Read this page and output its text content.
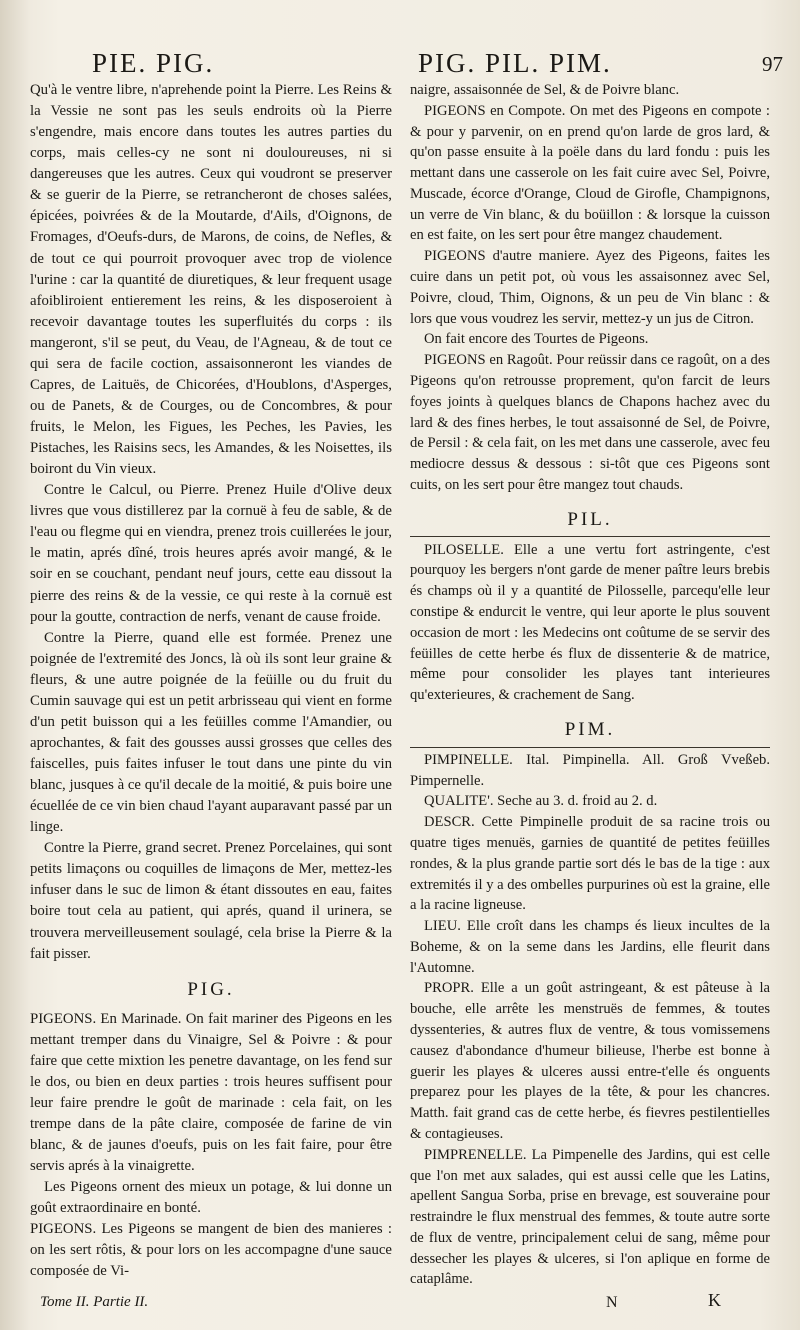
PIE. PIG.	PIG. PIL. PIM.	97

Qu'à le ventre libre, n'aprehende point la Pierre. Les Reins & la Vessie ne sont pas les seuls endroits où la Pierre s'engendre, mais encore dans toutes les autres parties du corps, mais celles-cy ne sont ni douloureuses, ni si dangereuses que les autres. Ceux qui voudront se preserver & se guerir de la Pierre, se retrancheront de choses salées, épicées, poivrées & de la Moutarde, d'Ails, d'Oignons, de Fromages, d'Oeufs-durs, de Marons, de coins, de Nefles, & de tout ce qui pourroit provoquer avec trop de violence l'urine : car la quantité de diuretiques, & leur frequent usage afoibliroient entierement les reins, & les disposeroient à recevoir davantage toutes les superfluités du corps : ils mangeront, s'il se peut, du Veau, de l'Agneau, & de tout ce qui sera de facile coction, assaisonneront les viandes de Capres, de Laituës, de Chicorées, d'Houblons, d'Asperges, ou de Panets, & de Courges, ou de Concombres, & pour fruits, le Melon, les Figues, les Peches, les Pavies, les Pistaches, les Raisins secs, les Amandes, & les Noisettes, ils boiront du Vin vieux.

Contre le Calcul, ou Pierre. Prenez Huile d'Olive deux livres que vous distillerez par la cornuë à feu de sable, & de l'eau ou flegme qui en viendra, prenez trois cuillerées le jour, le matin, aprés dîné, trois heures aprés avoir mangé, & le soir en se couchant, pendant neuf jours, cette eau dissout la pierre des reins & de la vessie, ce qui reste à la cornuë est pour la goutte, contraction de nerfs, venant de cause froide.

Contre la Pierre, quand elle est formée. Prenez une poignée de l'extremité des Joncs, là où ils sont leur graine & fleurs, & une autre poignée de la feüille ou du fruit du Cumin sauvage qui est un petit arbrisseau qui vient en forme d'un petit buisson qui a les feüilles comme l'Amandier, ou aprochantes, & fait des gousses aussi grosses que celles des faiscelles, puis faites infuser le tout dans une pinte du vin blanc, jusques à ce qu'il decale de la moitié, & puis boire une écuellée de ce vin bien chaud l'ayant auparavant passé par un linge.

Contre la Pierre, grand secret. Prenez Porcelaines, qui sont petits limaçons ou coquilles de limaçons de Mer, mettez-les infuser dans le suc de limon & étant dissoutes en eau, faites boire tout cela au patient, qui aprés, quand il urinera, se trouvera merveilleusement soulagé, cela brise la Pierre & la fait pisser.

PIG.

PIGEONS. En Marinade. On fait mariner des Pigeons en les mettant tremper dans du Vinaigre, Sel & Poivre : & pour faire que cette mixtion les penetre davantage, on les fend sur le dos, ou bien en deux parties : trois heures suffisent pour leur faire prendre le goût de marinade : cela fait, on les trempe dans de la pâte claire, composée de farine de vin blanc, & de jaunes d'oeufs, puis on les fait faire, pour être servis aprés à la vinaigrette.

Les Pigeons ornent des mieux un potage, & lui donne un goût extraordinaire en bonté.

PIGEONS. Les Pigeons se mangent de bien des manieres : on les sert rôtis, & pour lors on les accompagne d'une sauce composée de Vi-

naigre, assaisonnée de Sel, & de Poivre blanc.

PIGEONS en Compote. On met des Pigeons en compote : & pour y parvenir, on en prend qu'on larde de gros lard, & qu'on passe ensuite à la poële dans du lard fondu : puis les mettant dans une casserole on les fait cuire avec Sel, Poivre, Muscade, écorce d'Orange, Cloud de Girofle, Champignons, un verre de Vin blanc, & du boüillon : & lorsque la cuisson en est faite, on les sert pour être mangez chaudement.

PIGEONS d'autre maniere. Ayez des Pigeons, faites les cuire dans un petit pot, où vous les assaisonnez avec Sel, Poivre, cloud, Thim, Oignons, & un peu de Vin blanc : & lors que vous voudrez les servir, mettez-y un jus de Citron.

On fait encore des Tourtes de Pigeons.

PIGEONS en Ragoût. Pour reüssir dans ce ragoût, on a des Pigeons qu'on retrousse proprement, qu'on farcit de leurs foyes joints à quelques blancs de Chapons hachez avec du lard & des fines herbes, le tout assaisonné de Sel, de Poivre, de Persil : & cela fait, on les met dans une casserole, avec feu mediocre dessus & dessous : si-tôt que ces Pigeons sont cuits, on les sert pour être mangez tout chauds.

PIL.

PILOSELLE. Elle a une vertu fort astringente, c'est pourquoy les bergers n'ont garde de mener paître leurs brebis és champs où il y a quantité de Pilosselle, parcequ'elle leur constipe & endurcit le ventre, qui leur aporte le plus souvent occasion de mort : les Medecins ont coûtume de se servir des feüilles de cette herbe és flux de dissenterie & de matrice, même pour consolider les playes tant interieures qu'exterieures, & crachement de Sang.

PIM.

PIMPINELLE. Ital. Pimpinella. All. Groß Vveßeb. Pimpernelle.

QUALITE'. Seche au 3. d. froid au 2. d.

DESCR. Cette Pimpinelle produit de sa racine trois ou quatre tiges menuës, garnies de quantité de petites feüilles rondes, & la plus grande partie sort dés le bas de la tige : aux extremités il y a des ombelles purpurines où est la graine, elle a la racine ligneuse.

LIEU. Elle croît dans les champs és lieux incultes de la Boheme, & on la seme dans les Jardins, elle fleurit dans l'Automne.

PROPR. Elle a un goût astringeant, & est pâteuse à la bouche, elle arrête les menstruës de femmes, & toutes dyssenteries, & autres flux de ventre, & tous vomissemens causez d'abondance d'humeur bilieuse, l'herbe est bonne à guerir les playes & ulceres aussi entre-t'elle és onguents preparez pour les playes de la tête, & pour les chancres. Matth. fait grand cas de cette herbe, és fievres pestilentielles & contagieuses.

PIMPRENELLE. La Pimpenelle des Jardins, qui est celle que l'on met aux salades, qui est aussi celle que les Latins, apellent Sangua Sorba, prise en brevage, est souveraine pour restraindre le flux menstrual des femmes, & toute autre sorte de flux de ventre, principalement celui de sang, même pour dessecher les playes & ulceres, si l'on aplique en forme de cataplâme.

Tome II. Partie II.	N	K
